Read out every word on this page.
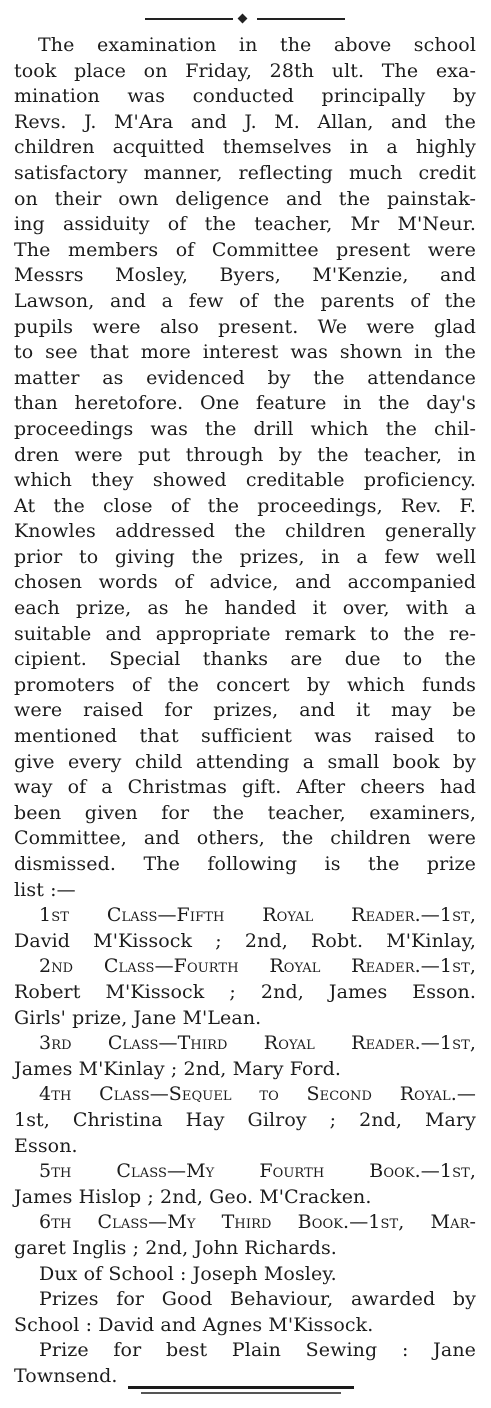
The examination in the above school
took place on Friday, 28th ult. The exa-
mination was conducted principally by
Revs. J. M'Ara and J. M. Allan, and the
children acquitted themselves in a highly
satisfactory manner, reflecting much credit
on their own deligence and the painstak-
ing assiduity of the teacher, Mr M'Neur.
The members of Committee present were
Messrs Mosley, Byers, M'Kenzie, and
Lawson, and a few of the parents of the
pupils were also present. We were glad
to see that more interest was shown in the
matter as evidenced by the attendance
than heretofore. One feature in the day's
proceedings was the drill which the chil-
dren were put through by the teacher, in
which they showed creditable proficiency.
At the close of the proceedings, Rev. F.
Knowles addressed the children generally
prior to giving the prizes, in a few well
chosen words of advice, and accompanied
each prize, as he handed it over, with a
suitable and appropriate remark to the re-
cipient. Special thanks are due to the
promoters of the concert by which funds
were raised for prizes, and it may be
mentioned that sufficient was raised to
give every child attending a small book by
way of a Christmas gift. After cheers had
been given for the teacher, examiners,
Committee, and others, the children were
dismissed. The following is the prize
list :—
1st Class—Fifth Royal Reader.—1st,
David M'Kissock ; 2nd, Robt. M'Kinlay,
2nd Class—Fourth Royal Reader.—1st,
Robert M'Kissock ; 2nd, James Esson.
Girls' prize, Jane M'Lean.
3rd Class—Third Royal Reader.—1st,
James M'Kinlay ; 2nd, Mary Ford.
4th Class—Sequel to Second Royal.—
1st, Christina Hay Gilroy ; 2nd, Mary
Esson.
5th Class—My Fourth Book.—1st,
James Hislop ; 2nd, Geo. M'Cracken.
6th Class—My Third Book.—1st, Mar-
garet Inglis ; 2nd, John Richards.
Dux of School : Joseph Mosley.
Prizes for Good Behaviour, awarded by
School : David and Agnes M'Kissock.
Prize for best Plain Sewing : Jane
Townsend.
